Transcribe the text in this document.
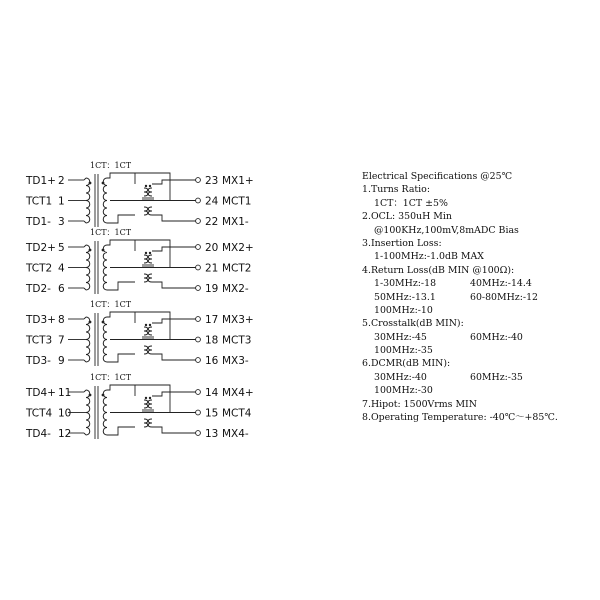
1CT：1CT
TD1+ 2
TCT1 1
TD1- 3
23 MX1+
24 MCT1
22 MX1-
1CT：1CT
TD2+ 5
TCT2 4
TD2- 6
20 MX2+
21 MCT2
19 MX2-
1CT：1CT
TD3+ 8
TCT3 7
TD3- 9
17 MX3+
18 MCT3
16 MX3-
1CT：1CT
TD4+ 11
TCT4 10
TD4- 12
14 MX4+
15 MCT4
13 MX4-
Electrical Specifications @25℃
1.Turns Ratio:
1CT：1CT ±5%
2.OCL: 350uH Min
@100KHz,100mV,8mADC Bias
3.Insertion Loss:
1-100MHz:-1.0dB MAX
4.Return Loss(dB MIN @100Ω):
1-30MHz:-18	40MHz:-14.4
50MHz:-13.1	60-80MHz:-12
100MHz:-10
5.Crosstalk(dB MIN):
30MHz:-45	60MHz:-40
100MHz:-35
6.DCMR(dB MIN):
30MHz:-40	60MHz:-35
100MHz:-30
7.Hipot: 1500Vrms MIN
8.Operating Temperature: -40℃～+85℃.
